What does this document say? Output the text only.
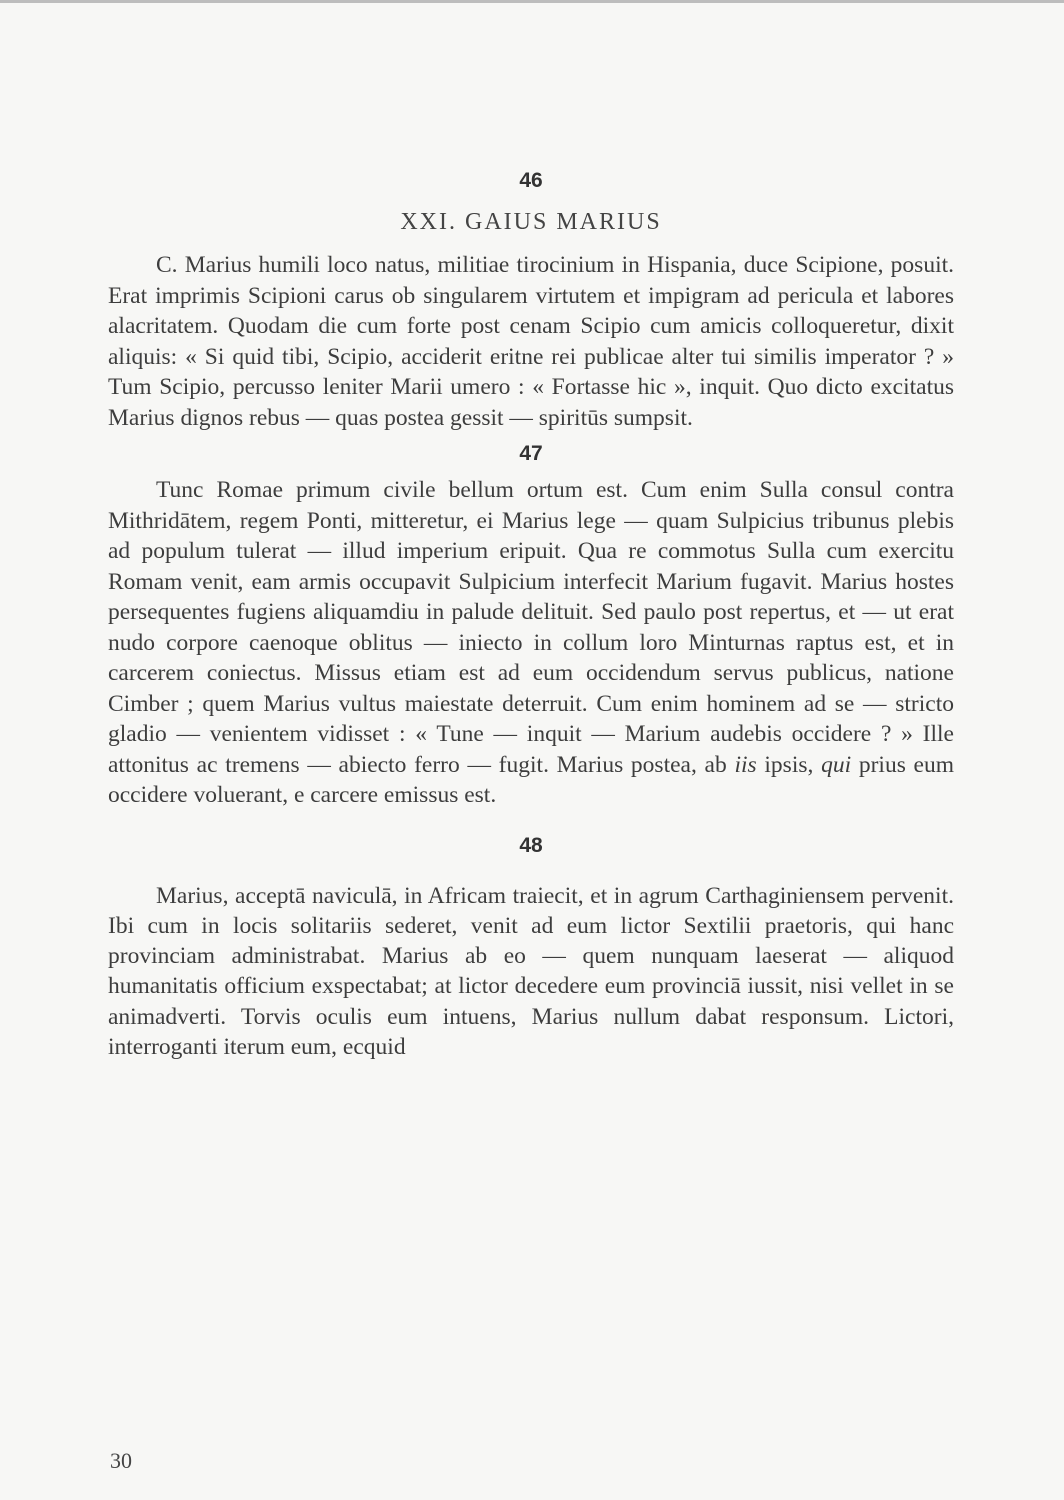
46
XXI. GAIUS MARIUS

C. Marius humili loco natus, militiae tirocinium in Hispania, duce Scipione, posuit. Erat imprimis Scipioni carus ob singularem virtutem et impigram ad pericula et labores alacritatem. Quodam die cum forte post cenam Scipio cum amicis colloqueretur, dixit aliquis: « Si quid tibi, Scipio, acciderit eritne rei publicae alter tui similis imperator ? » Tum Scipio, percusso leniter Marii umero : « Fortasse hic », inquit. Quo dicto excitatus Marius dignos rebus — quas postea gessit — spiritūs sumpsit.

47

Tunc Romae primum civile bellum ortum est. Cum enim Sulla consul contra Mithridātem, regem Ponti, mitteretur, ei Marius lege — quam Sulpicius tribunus plebis ad populum tulerat — illud imperium eripuit. Qua re commotus Sulla cum exercitu Romam venit, eam armis occupavit Sulpicium interfecit Marium fugavit. Marius hostes persequentes fugiens aliquamdiu in palude delituit. Sed paulo post repertus, et — ut erat nudo corpore caenoque oblitus — iniecto in collum loro Minturnas raptus est, et in carcerem coniectus. Missus etiam est ad eum occidendum servus publicus, natione Cimber ; quem Marius vultus maiestate deterruit. Cum enim hominem ad se — stricto gladio — venientem vidisset : « Tune — inquit — Marium audebis occidere ? » Ille attonitus ac tremens — abiecto ferro — fugit. Marius postea, ab iis ipsis, qui prius eum occidere voluerant, e carcere emissus est.

48

Marius, acceptā naviculā, in Africam traiecit, et in agrum Carthaginiensem pervenit. Ibi cum in locis solitariis sederet, venit ad eum lictor Sextilii praetoris, qui hanc provinciam administrabat. Marius ab eo — quem nunquam laeserat — aliquod humanitatis officium exspectabat; at lictor decedere eum provinciā iussit, nisi vellet in se animadverti. Torvis oculis eum intuens, Marius nullum dabat responsum. Lictori, interroganti iterum eum, ecquid

30
